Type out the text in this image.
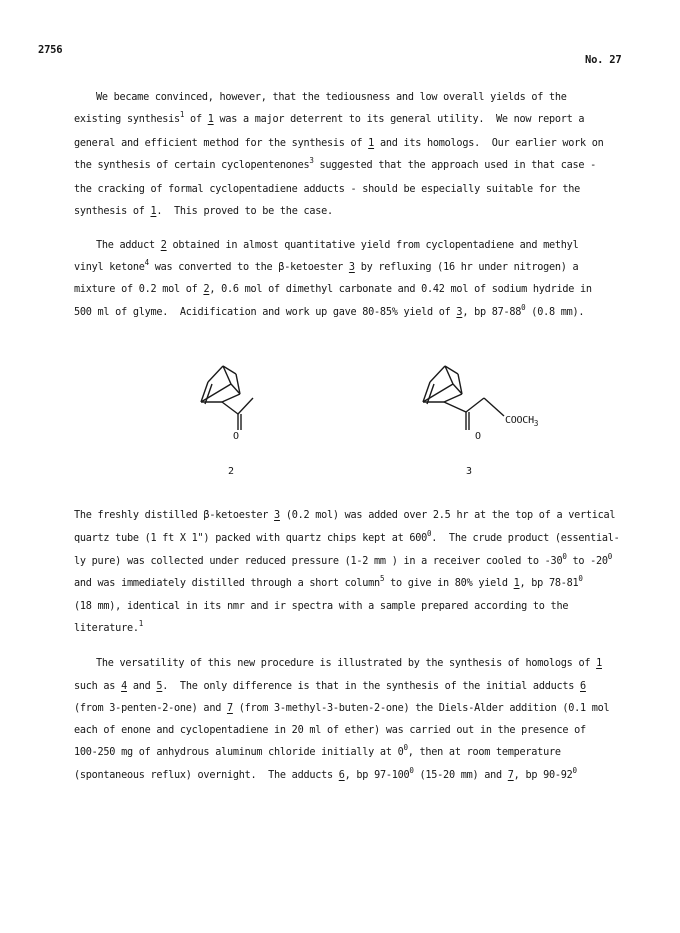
2756
No. 27
We became convinced, however, that the tediousness and low overall yields of the
existing synthesis$^1$ of 1 was a major deterrent to its general utility.  We now report a
general and efficient method for the synthesis of 1 and its homologs.  Our earlier work on
the synthesis of certain cyclopentenones$^3$ suggested that the approach used in that case -
the cracking of formal cyclopentadiene adducts - should be especially suitable for the
synthesis of 1.  This proved to be the case.
The adduct 2 obtained in almost quantitative yield from cyclopentadiene and methyl
vinyl ketone$^4$ was converted to the β-ketoester 3 by refluxing (16 hr under nitrogen) a
mixture of 0.2 mol of 2, 0.6 mol of dimethyl carbonate and 0.42 mol of sodium hydride in
500 ml of glyme.  Acidification and work up gave 80-85% yield of 3, bp $87-88^0$ (0.8 mm).
O
2
O
$COOCH_3$
3
The freshly distilled β-ketoester 3 (0.2 mol) was added over 2.5 hr at the top of a vertical
quartz tube (1 ft X 1") packed with quartz chips kept at $600^0$.  The crude product (essential-
ly pure) was collected under reduced pressure (1-2 mm ) in a receiver cooled to $-30^0$ to $-20^0$
and was immediately distilled through a short column$^5$ to give in 80% yield 1, bp $78-81^0$
(18 mm), identical in its nmr and ir spectra with a sample prepared according to the
literature.$^1$
The versatility of this new procedure is illustrated by the synthesis of homologs of 1
such as 4 and 5.  The only difference is that in the synthesis of the initial adducts 6
(from 3-penten-2-one) and 7 (from 3-methyl-3-buten-2-one) the Diels-Alder addition (0.1 mol
each of enone and cyclopentadiene in 20 ml of ether) was carried out in the presence of
100-250 mg of anhydrous aluminum chloride initially at $0^0$, then at room temperature
(spontaneous reflux) overnight.  The adducts 6, bp $97-100^0$ (15-20 mm) and 7, bp $90-92^0$
